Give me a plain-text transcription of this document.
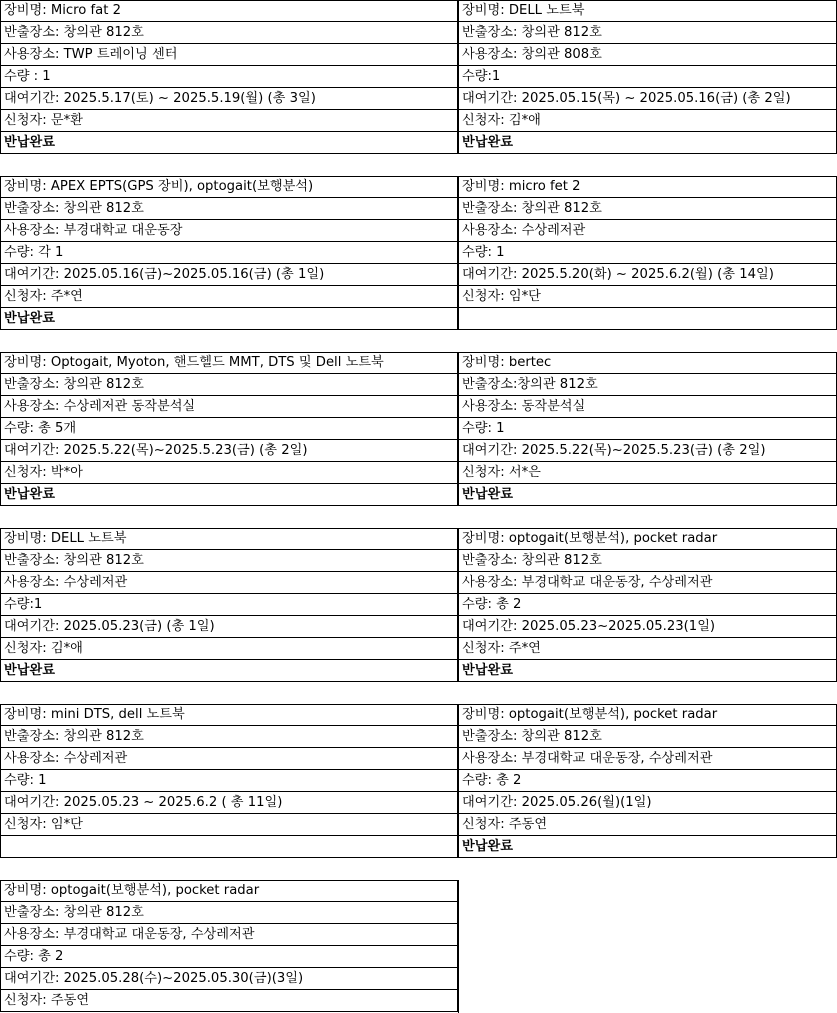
장비명: Micro fat 2
반출장소: 창의관 812호
사용장소: TWP 트레이닝 센터
수량 : 1
대여기간: 2025.5.17(토) ~ 2025.5.19(월) (총 3일)
신청자: 문*환
반납완료
장비명: DELL 노트북
반출장소: 창의관 812호
사용장소: 창의관 808호
수량:1
대여기간: 2025.05.15(목) ~ 2025.05.16(금) (총 2일)
신청자: 김*애
반납완료
장비명: APEX EPTS(GPS 장비), optogait(보행분석)
반출장소: 창의관 812호
사용장소: 부경대학교 대운동장
수량: 각 1
대여기간: 2025.05.16(금)~2025.05.16(금) (총 1일)
신청자: 주*연
반납완료
장비명: micro fet 2
반출장소: 창의관 812호
사용장소: 수상레저관
수량: 1
대여기간: 2025.5.20(화) ~ 2025.6.2(월) (총 14일)
신청자: 임*단
장비명: Optogait, Myoton, 핸드헬드 MMT, DTS 및 Dell 노트북
반출장소: 창의관 812호
사용장소: 수상레저관 동작분석실
수량: 총 5개
대여기간: 2025.5.22(목)~2025.5.23(금) (총 2일)
신청자: 박*아
반납완료
장비명: bertec
반출장소:창의관 812호
사용장소: 동작분석실
수량: 1
대여기간: 2025.5.22(목)~2025.5.23(금) (총 2일)
신청자: 서*은
반납완료
장비명: DELL 노트북
반출장소: 창의관 812호
사용장소: 수상레저관
수량:1
대여기간: 2025.05.23(금) (총 1일)
신청자: 김*애
반납완료
장비명: optogait(보행분석), pocket radar
반출장소: 창의관 812호
사용장소: 부경대학교 대운동장, 수상레저관
수량: 총 2
대여기간: 2025.05.23~2025.05.23(1일)
신청자: 주*연
반납완료
장비명: mini DTS, dell 노트북
반출장소: 창의관 812호
사용장소: 수상레저관
수량: 1
대여기간: 2025.05.23 ~ 2025.6.2 ( 총 11일)
신청자: 임*단
장비명: optogait(보행분석), pocket radar
반출장소: 창의관 812호
사용장소: 부경대학교 대운동장, 수상레저관
수량: 총 2
대여기간: 2025.05.26(월)(1일)
신청자: 주동연
반납완료
장비명: optogait(보행분석), pocket radar
반출장소: 창의관 812호
사용장소: 부경대학교 대운동장, 수상레저관
수량: 총 2
대여기간: 2025.05.28(수)~2025.05.30(금)(3일)
신청자: 주동연
